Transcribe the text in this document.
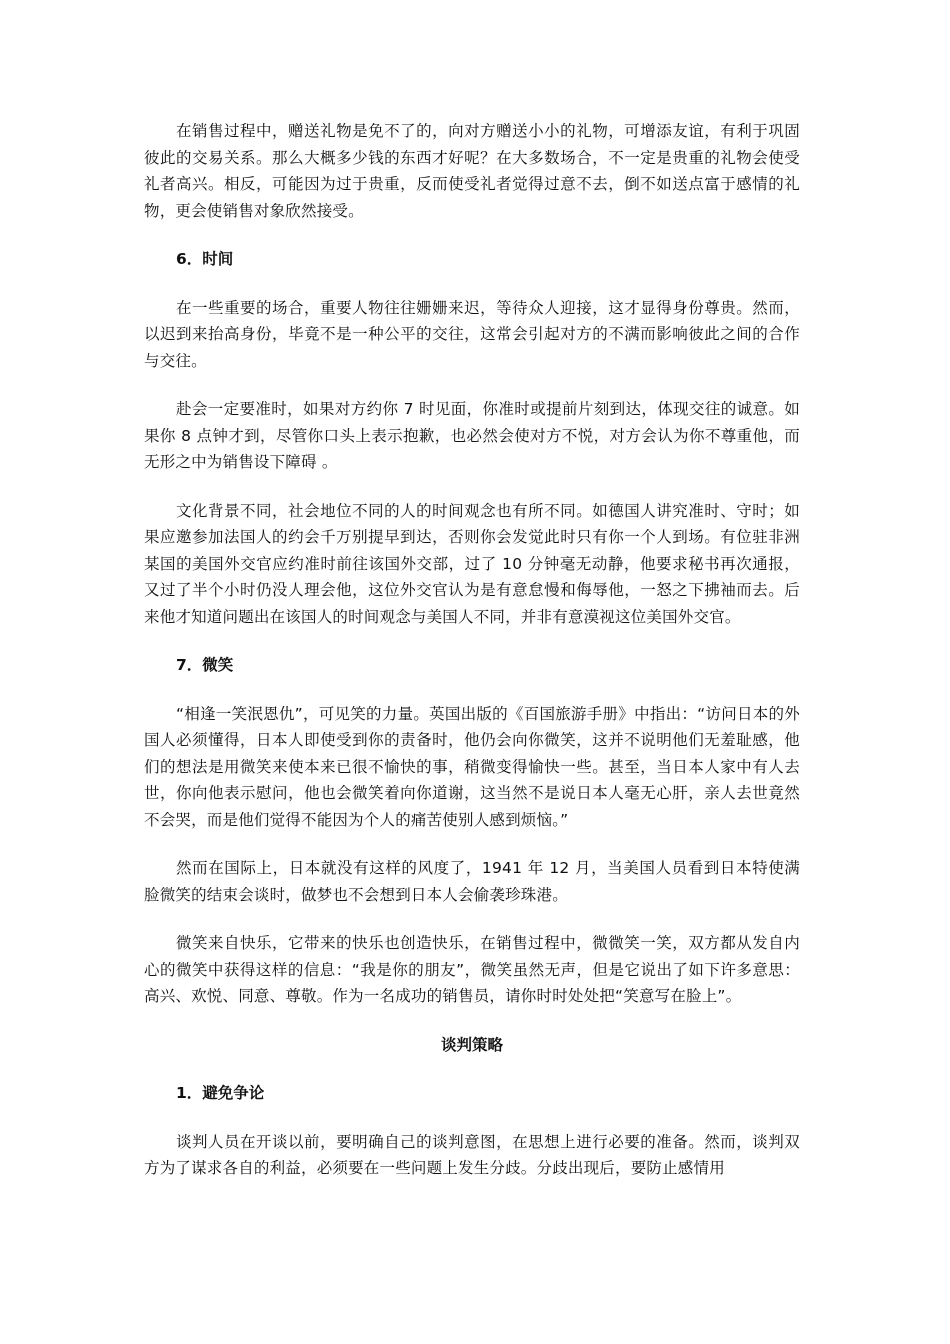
在销售过程中，赠送礼物是免不了的，向对方赠送小小的礼物，可增添友谊，有利于巩固彼此的交易关系。那么大概多少钱的东西才好呢？在大多数场合，不一定是贵重的礼物会使受礼者高兴。相反，可能因为过于贵重，反而使受礼者觉得过意不去，倒不如送点富于感情的礼物，更会使销售对象欣然接受。

6．时间

在一些重要的场合，重要人物往往姗姗来迟，等待众人迎接，这才显得身份尊贵。然而，以迟到来抬高身份，毕竟不是一种公平的交往，这常会引起对方的不满而影响彼此之间的合作与交往。

赴会一定要准时，如果对方约你 7 时见面，你准时或提前片刻到达，体现交往的诚意。如果你 8 点钟才到，尽管你口头上表示抱歉，也必然会使对方不悦，对方会认为你不尊重他，而无形之中为销售设下障碍 。

文化背景不同，社会地位不同的人的时间观念也有所不同。如德国人讲究准时、守时；如果应邀参加法国人的约会千万别提早到达，否则你会发觉此时只有你一个人到场。有位驻非洲某国的美国外交官应约准时前往该国外交部，过了 10 分钟毫无动静，他要求秘书再次通报，又过了半个小时仍没人理会他，这位外交官认为是有意怠慢和侮辱他，一怒之下拂袖而去。后来他才知道问题出在该国人的时间观念与美国人不同，并非有意漠视这位美国外交官。

7．微笑

“相逢一笑泯恩仇”，可见笑的力量。英国出版的《百国旅游手册》中指出：“访问日本的外国人必须懂得，日本人即使受到你的责备时，他仍会向你微笑，这并不说明他们无羞耻感，他们的想法是用微笑来使本来已很不愉快的事，稍微变得愉快一些。甚至，当日本人家中有人去世，你向他表示慰问，他也会微笑着向你道谢，这当然不是说日本人毫无心肝，亲人去世竟然不会哭，而是他们觉得不能因为个人的痛苦使别人感到烦恼。”

然而在国际上，日本就没有这样的风度了，1941 年 12 月，当美国人员看到日本特使满脸微笑的结束会谈时，做梦也不会想到日本人会偷袭珍珠港。

微笑来自快乐，它带来的快乐也创造快乐，在销售过程中，微微笑一笑，双方都从发自内心的微笑中获得这样的信息：“我是你的朋友”，微笑虽然无声，但是它说出了如下许多意思：高兴、欢悦、同意、尊敬。作为一名成功的销售员，请你时时处处把“笑意写在脸上”。

谈判策略

1．避免争论

谈判人员在开谈以前，要明确自己的谈判意图，在思想上进行必要的准备。然而，谈判双方为了谋求各自的利益，必须要在一些问题上发生分歧。分歧出现后，要防止感情用
